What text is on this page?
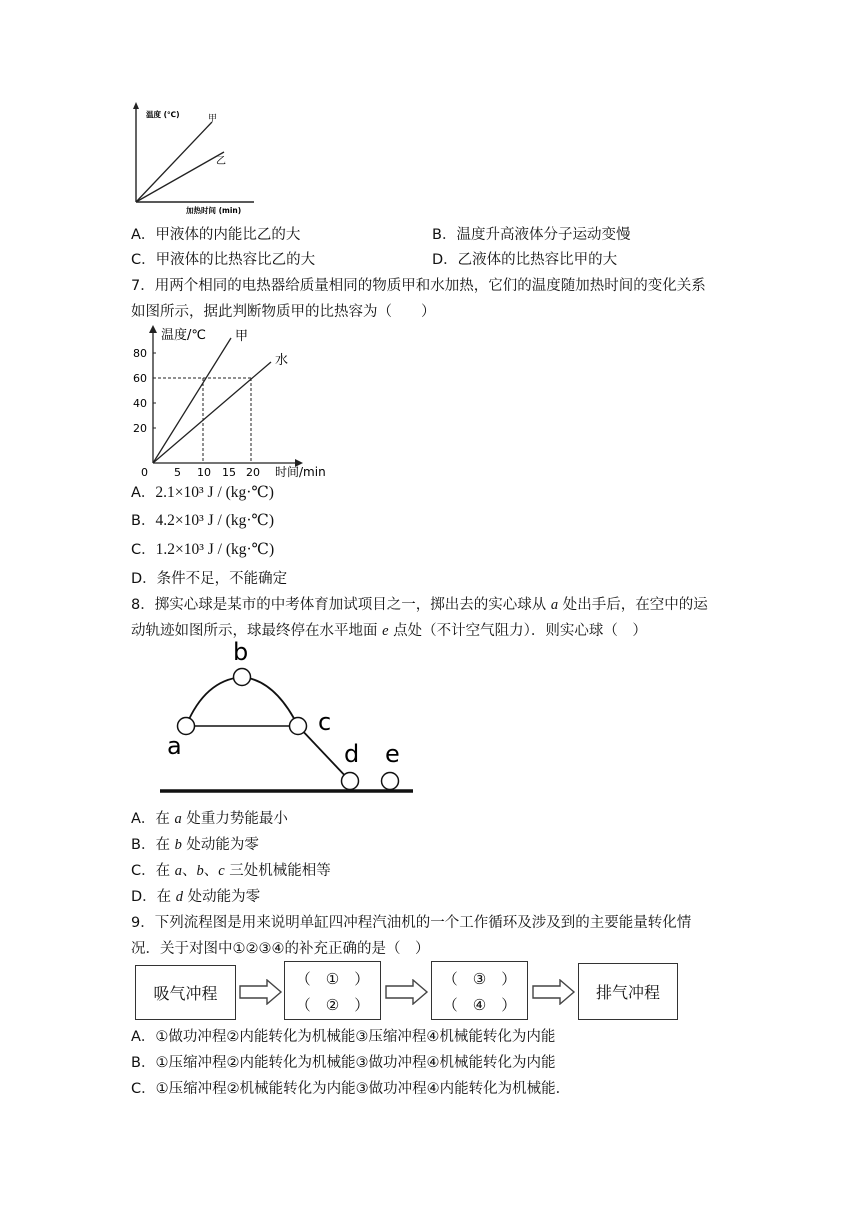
温度 (℃)
加热时间 (min)
甲
乙
A．甲液体的内能比乙的大	B．温度升高液体分子运动变慢
C．甲液体的比热容比乙的大	D．乙液体的比热容比甲的大
7．用两个相同的电热器给质量相同的物质甲和水加热，它们的温度随加热时间的变化关系
如图所示，据此判断物质甲的比热容为（　　）
80
60
40
20
0 5 10 15 20
温度/℃ 甲
水
时间/min
A．2.1×10³ J / (kg·℃)
B．4.2×10³ J / (kg·℃)
C．1.2×10³ J / (kg·℃)
D．条件不足，不能确定
8．掷实心球是某市的中考体育加试项目之一，掷出去的实心球从 a 处出手后，在空中的运
动轨迹如图所示，球最终停在水平地面 e 点处（不计空气阻力）．则实心球（　）
a
b
c
d e
A．在 a 处重力势能最小
B．在 b 处动能为零
C．在 a、b、c 三处机械能相等
D．在 d 处动能为零
9．下列流程图是用来说明单缸四冲程汽油机的一个工作循环及涉及到的主要能量转化情
况．关于对图中①②③④的补充正确的是（　）
吸气冲程
（　①　）
（　②　）
（　③　）
（　④　）
排气冲程
A．①做功冲程②内能转化为机械能③压缩冲程④机械能转化为内能
B．①压缩冲程②内能转化为机械能③做功冲程④机械能转化为内能
C．①压缩冲程②机械能转化为内能③做功冲程④内能转化为机械能．
